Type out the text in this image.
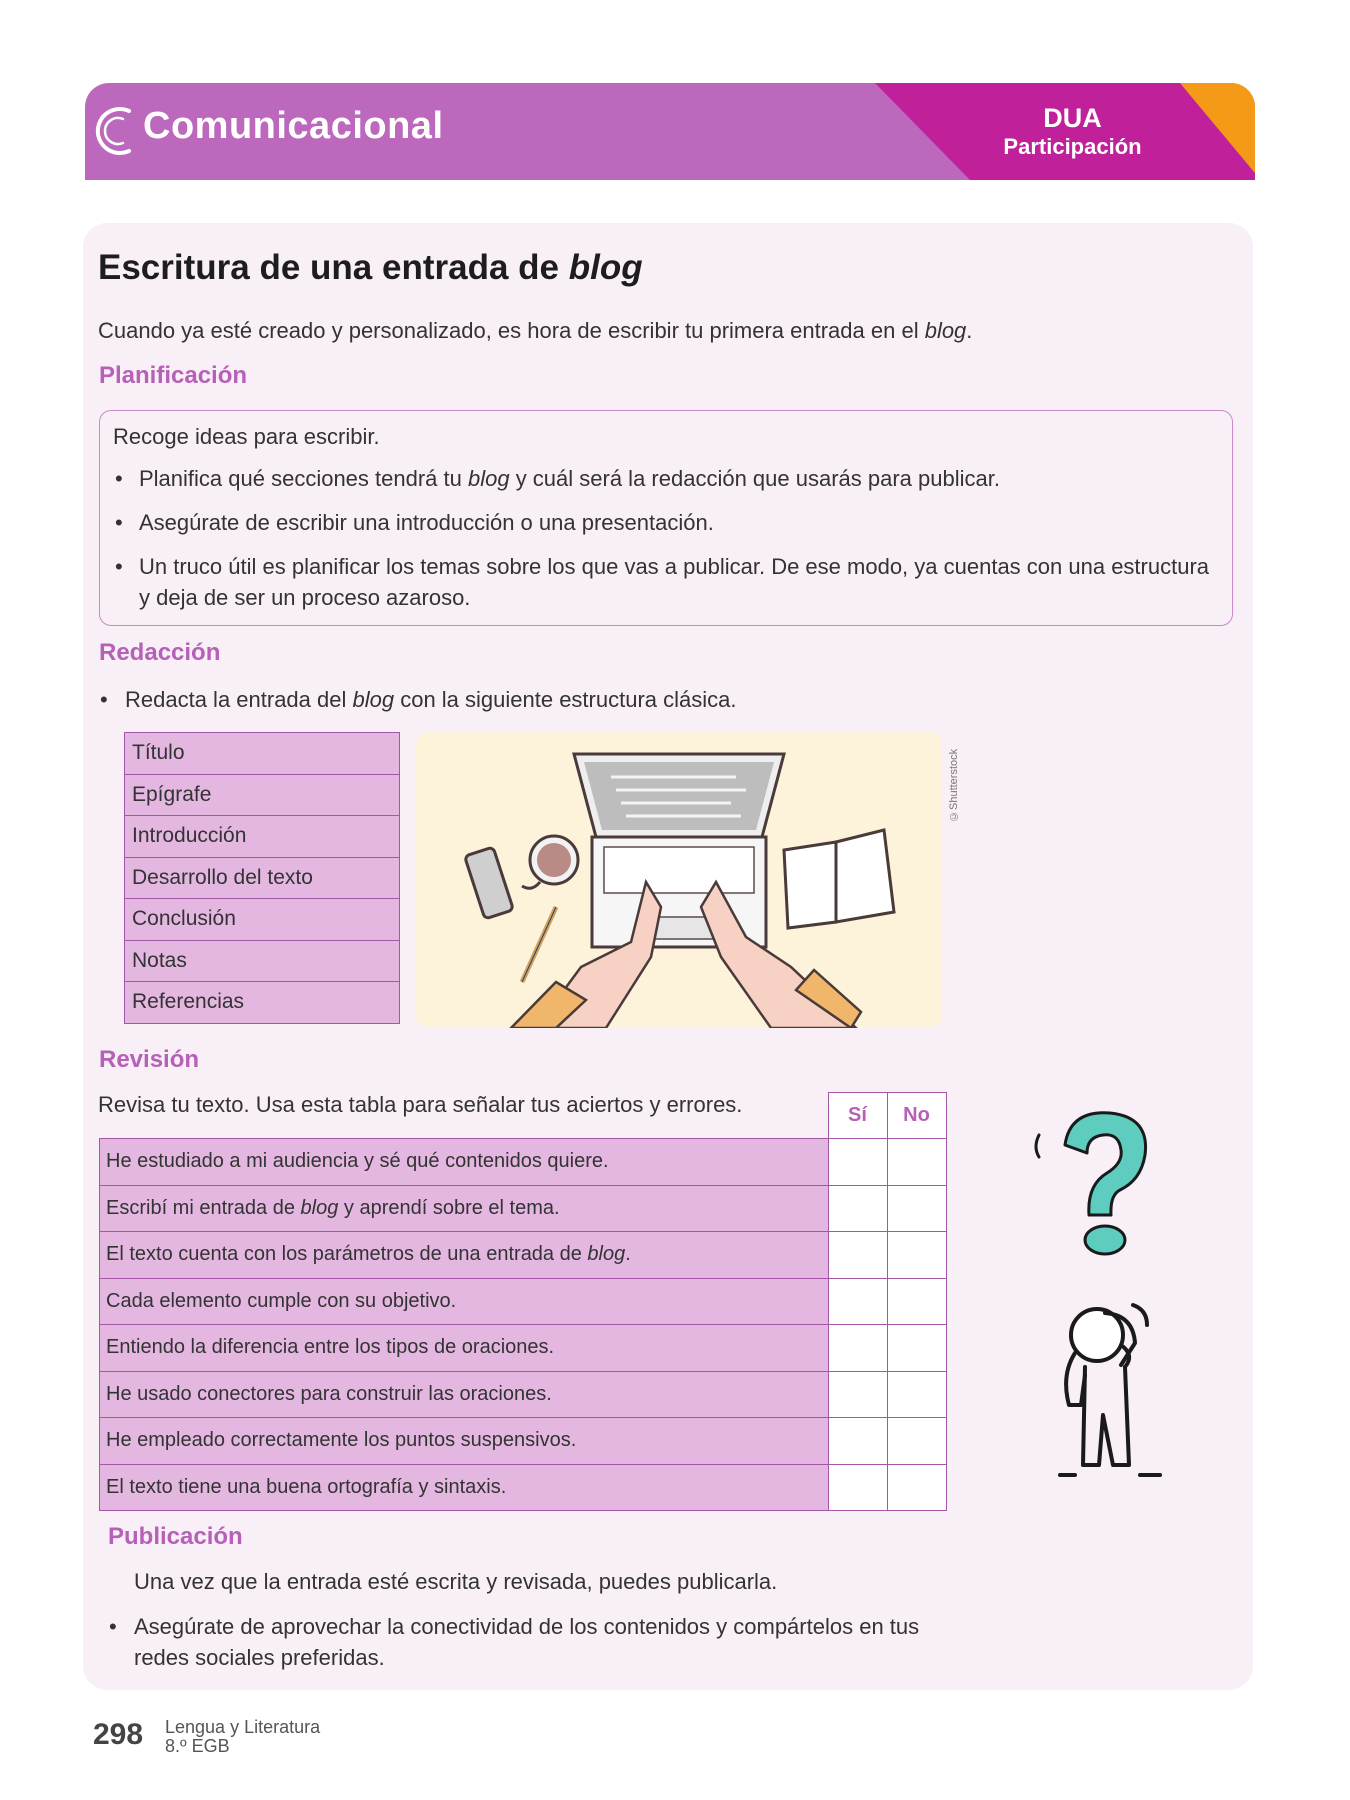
Comunicacional	DUA
Participación
Escritura de una entrada de blog
Cuando ya esté creado y personalizado, es hora de escribir tu primera entrada en el blog.
Planificación
Recoge ideas para escribir.
• Planifica qué secciones tendrá tu blog y cuál será la redacción que usarás para publicar.
• Asegúrate de escribir una introducción o una presentación.
• Un truco útil es planificar los temas sobre los que vas a publicar. De ese modo, ya cuentas con una estructura
y deja de ser un proceso azaroso.
Redacción
• Redacta la entrada del blog con la siguiente estructura clásica.
Título
Epígrafe
Introducción
Desarrollo del texto
Conclusión
Notas
Referencias
©Shutterstock
Revisión
Revisa tu texto. Usa esta tabla para señalar tus aciertos y errores.
		Sí	No
He estudiado a mi audiencia y sé qué contenidos quiere.		
Escribí mi entrada de blog y aprendí sobre el tema.		
El texto cuenta con los parámetros de una entrada de blog.		
Cada elemento cumple con su objetivo.		
Entiendo la diferencia entre los tipos de oraciones.		
He usado conectores para construir las oraciones.		
He empleado correctamente los puntos suspensivos.		
El texto tiene una buena ortografía y sintaxis.		
Publicación
Una vez que la entrada esté escrita y revisada, puedes publicarla.
• Asegúrate de aprovechar la conectividad de los contenidos y compártelos en tus
redes sociales preferidas.
298 Lengua y Literatura
8.º EGB
